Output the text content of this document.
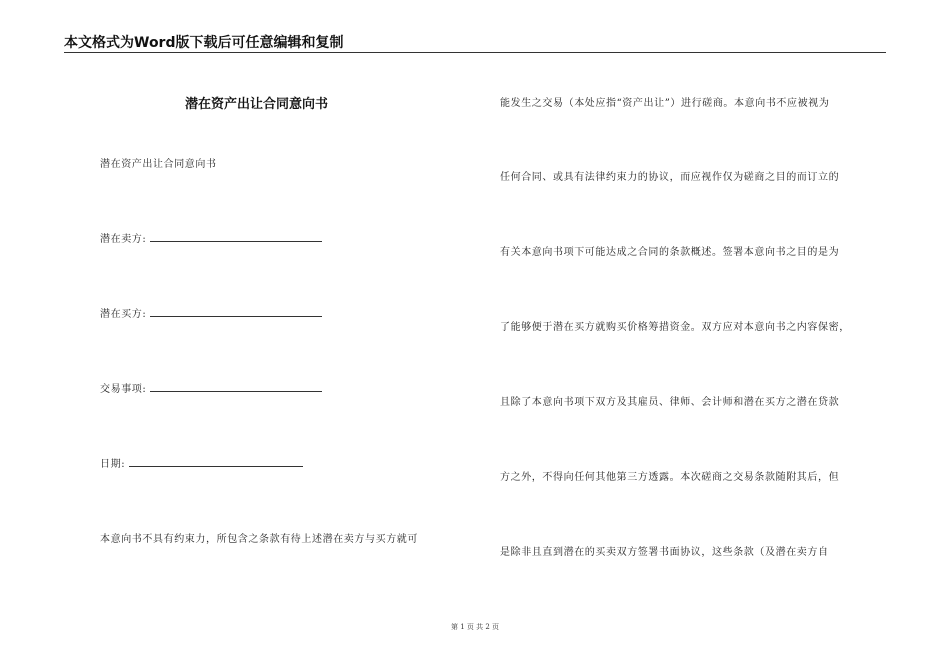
本文格式为Word版下载后可任意编辑和复制
潜在资产出让合同意向书
潜在资产出让合同意向书
潜在卖方:
潜在买方:
交易事项:
日期:
本意向书不具有约束力，所包含之条款有待上述潜在卖方与买方就可
能发生之交易（本处应指“资产出让”）进行磋商。本意向书不应被视为
任何合同、或具有法律约束力的协议，而应视作仅为磋商之目的而订立的
有关本意向书项下可能达成之合同的条款概述。签署本意向书之目的是为
了能够便于潜在买方就购买价格筹措资金。双方应对本意向书之内容保密，
且除了本意向书项下双方及其雇员、律师、会计师和潜在买方之潜在贷款
方之外，不得向任何其他第三方透露。本次磋商之交易条款随附其后，但
是除非且直到潜在的买卖双方签署书面协议，这些条款（及潜在卖方自
第 1 页 共 2 页
